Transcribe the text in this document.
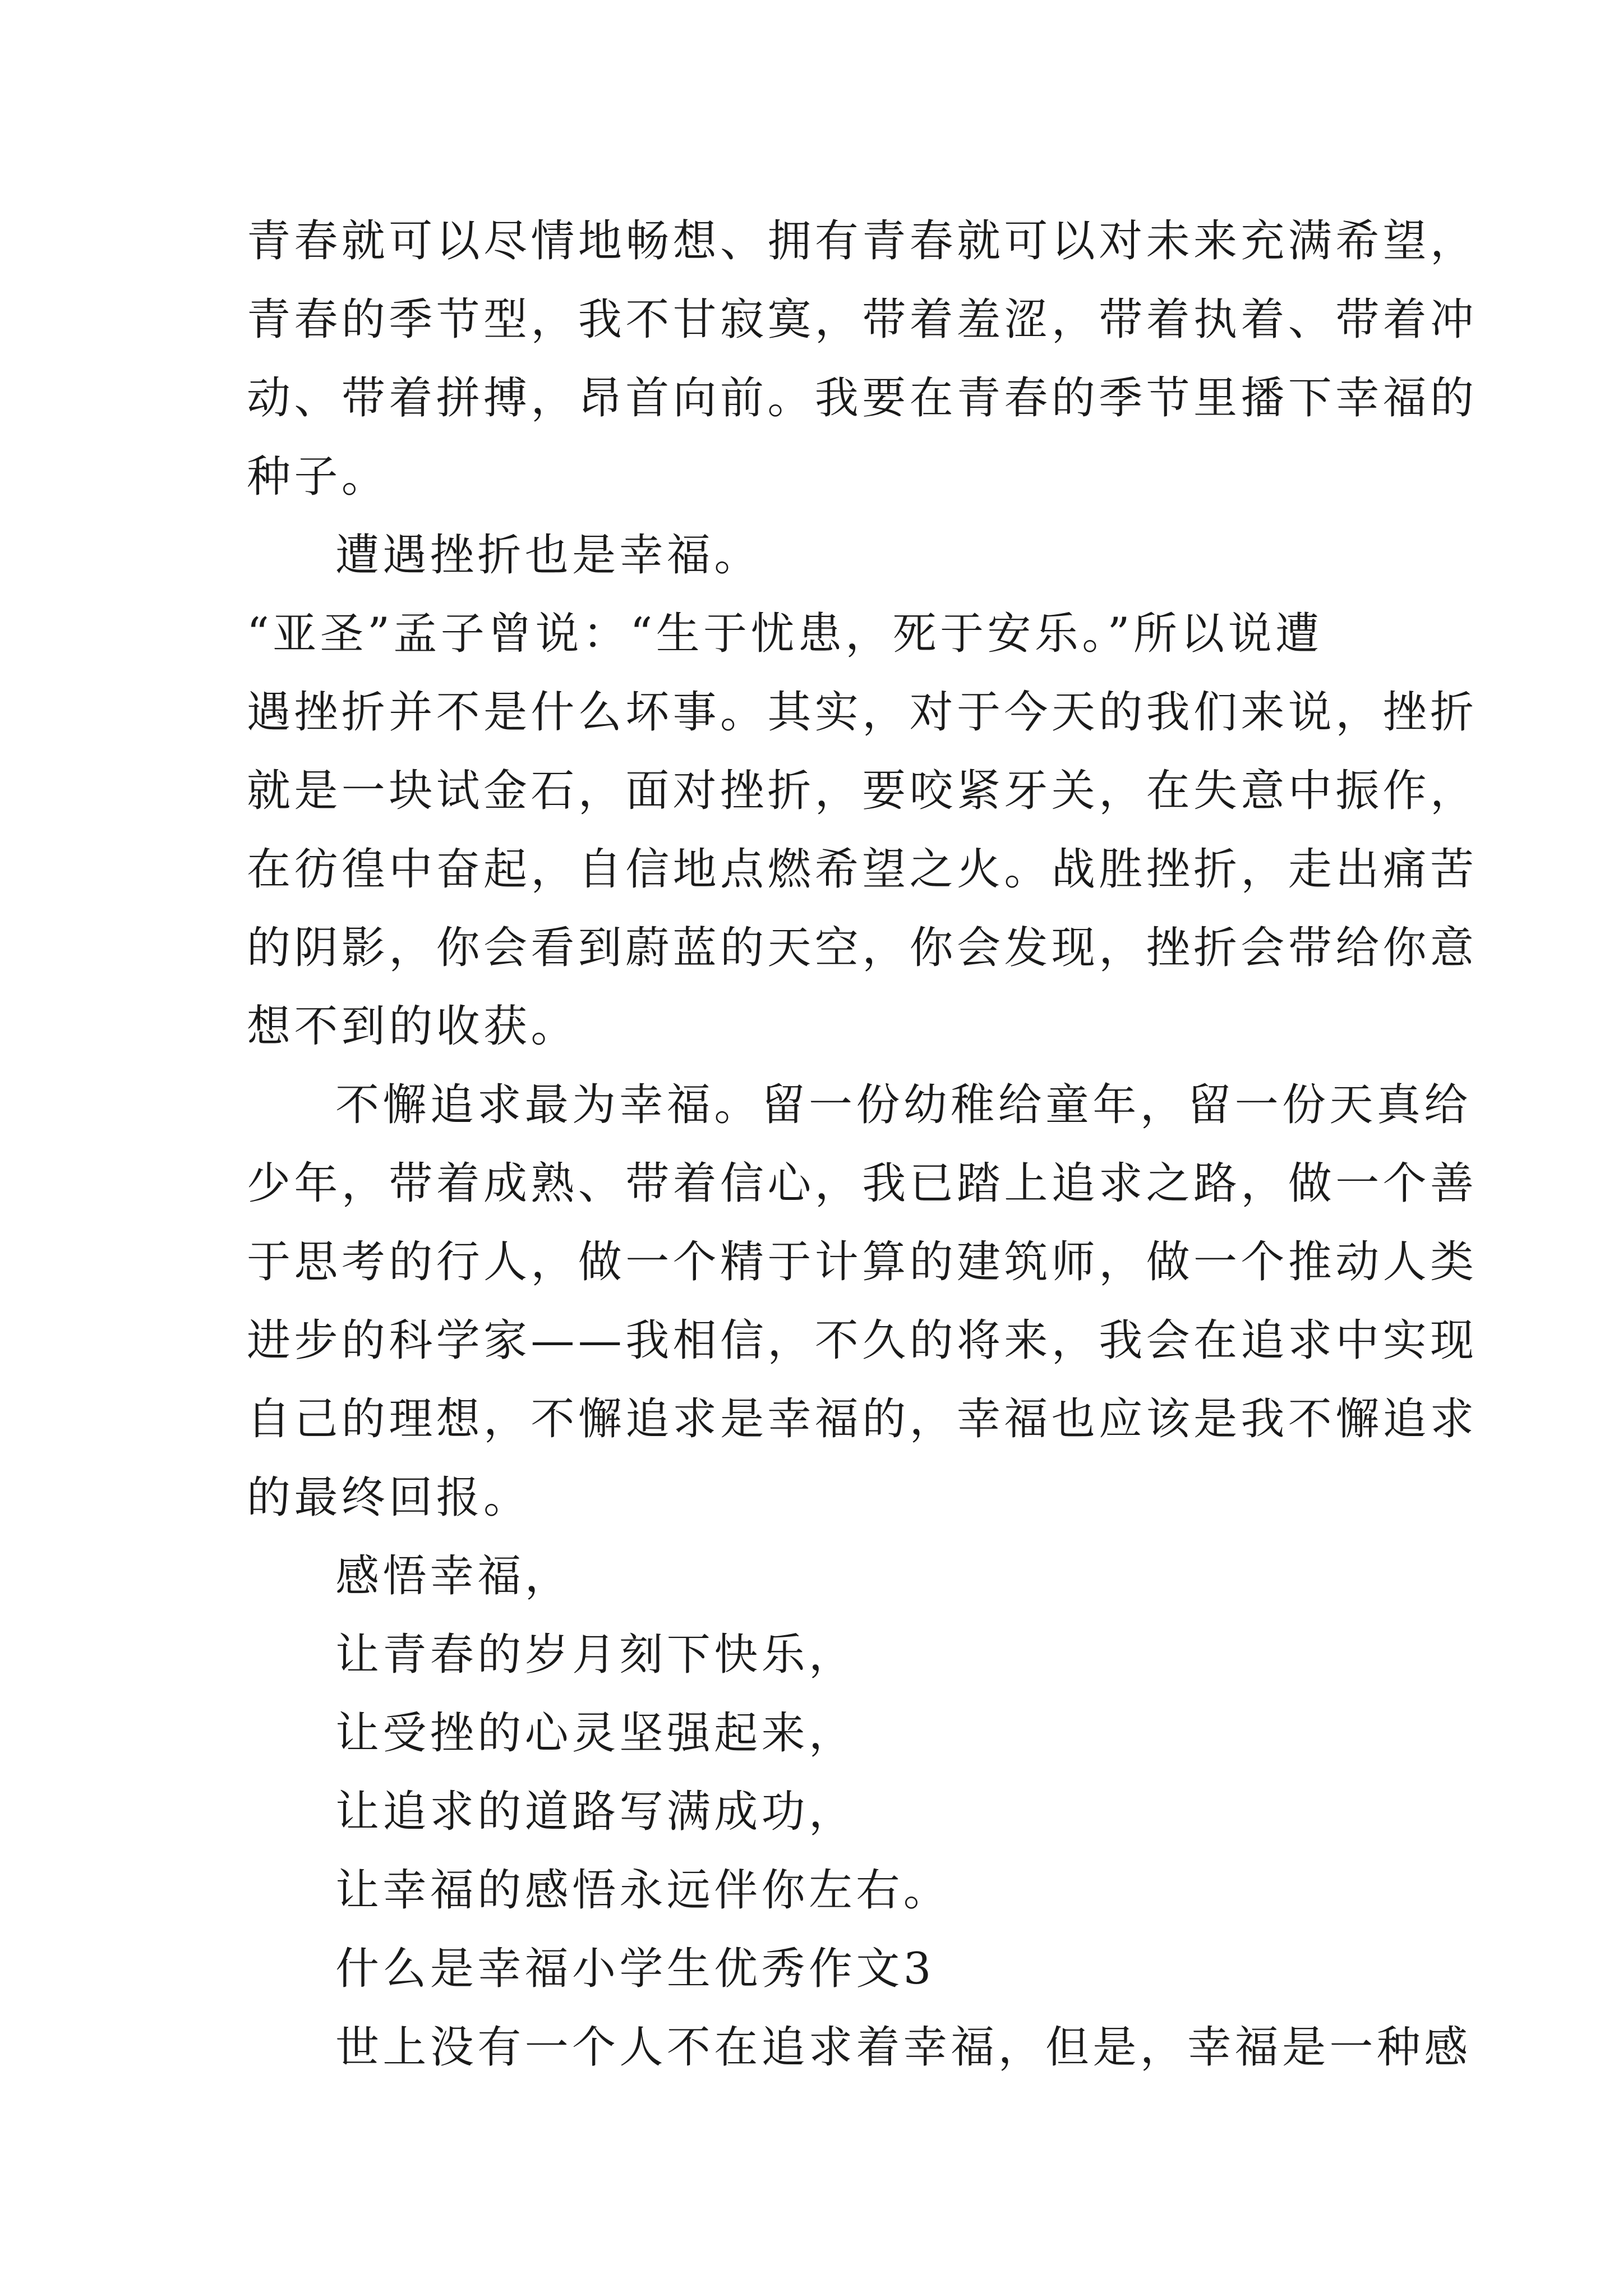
青春就可以尽情地畅想、拥有青春就可以对未来充满希望，

青春的季节型，我不甘寂寞，带着羞涩，带着执着、带着冲

动、带着拼搏，昂首向前。我要在青春的季节里播下幸福的

种子。

遭遇挫折也是幸福。

“亚圣”孟子曾说：“生于忧患，死于安乐。”所以说遭

遇挫折并不是什么坏事。其实，对于今天的我们来说，挫折

就是一块试金石，面对挫折，要咬紧牙关，在失意中振作，

在彷徨中奋起，自信地点燃希望之火。战胜挫折，走出痛苦

的阴影，你会看到蔚蓝的天空，你会发现，挫折会带给你意

想不到的收获。

不懈追求最为幸福。留一份幼稚给童年，留一份天真给

少年，带着成熟、带着信心，我已踏上追求之路，做一个善

于思考的行人，做一个精于计算的建筑师，做一个推动人类

进步的科学家——我相信，不久的将来，我会在追求中实现

自己的理想，不懈追求是幸福的，幸福也应该是我不懈追求

的最终回报。

感悟幸福，

让青春的岁月刻下快乐，

让受挫的心灵坚强起来，

让追求的道路写满成功，

让幸福的感悟永远伴你左右。

什么是幸福小学生优秀作文3

世上没有一个人不在追求着幸福，但是，幸福是一种感
